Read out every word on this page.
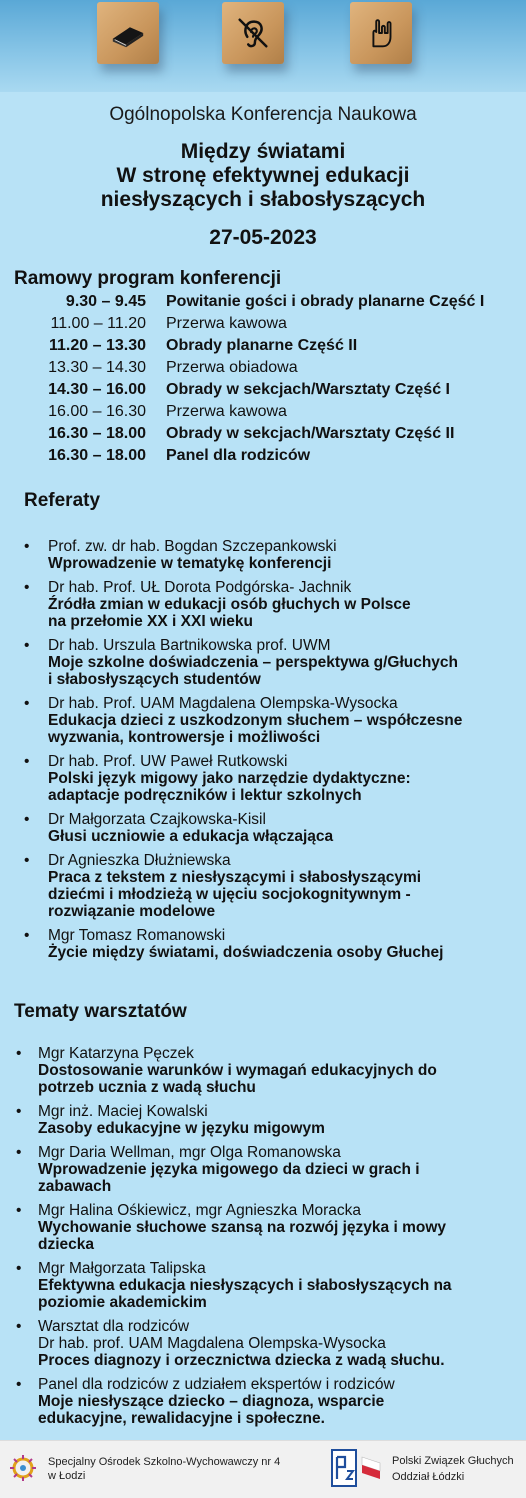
Ogólnopolska Konferencja Naukowa
Między światami
W stronę efektywnej edukacji
niesłyszących i słabosłyszących
27-05-2023
Ramowy program konferencji
9.30 – 9.45 Powitanie gości i obrady planarne Część I
11.00 – 11.20 Przerwa kawowa
11.20 – 13.30 Obrady planarne Część II
13.30 – 14.30 Przerwa obiadowa
14.30 – 16.00 Obrady w sekcjach/Warsztaty Część I
16.00 – 16.30 Przerwa kawowa
16.30 – 18.00 Obrady w sekcjach/Warsztaty Część II
16.30 – 18.00 Panel dla rodziców
Referaty
• Prof. zw. dr hab. Bogdan Szczepankowski
Wprowadzenie w tematykę konferencji
• Dr hab. Prof. UŁ Dorota Podgórska- Jachnik
Źródła zmian w edukacji osób głuchych w Polsce
na przełomie XX i XXI wieku
• Dr hab. Urszula Bartnikowska prof. UWM
Moje szkolne doświadczenia – perspektywa g/Głuchych
i słabosłyszących studentów
• Dr hab. Prof. UAM Magdalena Olempska-Wysocka
Edukacja dzieci z uszkodzonym słuchem – współczesne
wyzwania, kontrowersje i możliwości
• Dr hab. Prof. UW Paweł Rutkowski
Polski język migowy jako narzędzie dydaktyczne:
adaptacje podręczników i lektur szkolnych
• Dr Małgorzata Czajkowska-Kisil
Głusi uczniowie a edukacja włączająca
• Dr Agnieszka Dłużniewska
Praca z tekstem z niesłyszącymi i słabosłyszącymi
dziećmi i młodzieżą w ujęciu socjokognitywnym -
rozwiązanie modelowe
• Mgr Tomasz Romanowski
Życie między światami, doświadczenia osoby Głuchej
Tematy warsztatów
• Mgr Katarzyna Pęczek
Dostosowanie warunków i wymagań edukacyjnych do
potrzeb ucznia z wadą słuchu
• Mgr inż. Maciej Kowalski
Zasoby edukacyjne w języku migowym
• Mgr Daria Wellman, mgr Olga Romanowska
Wprowadzenie języka migowego da dzieci w grach i
zabawach
• Mgr Halina Ośkiewicz, mgr Agnieszka Moracka
Wychowanie słuchowe szansą na rozwój języka i mowy
dziecka
• Mgr Małgorzata Talipska
Efektywna edukacja niesłyszących i słabosłyszących na
poziomie akademickim
• Warsztat dla rodziców
Dr hab. prof. UAM Magdalena Olempska-Wysocka
Proces diagnozy i orzecznictwa dziecka z wadą słuchu.
• Panel dla rodziców z udziałem ekspertów i rodziców
Moje niesłyszące dziecko – diagnoza, wsparcie
edukacyjne, rewalidacyjne i społeczne.
Specjalny Ośrodek Szkolno-Wychowawczy nr 4
w Łodzi
Polski Związek Głuchych
Oddział Łódzki
